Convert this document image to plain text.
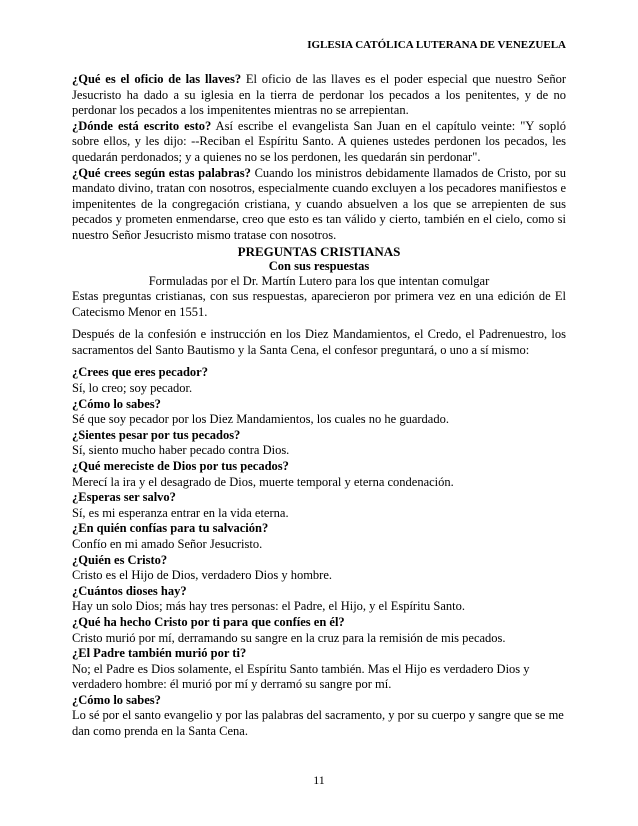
IGLESIA CATÓLICA LUTERANA DE VENEZUELA

¿Qué es el oficio de las llaves? El oficio de las llaves es el poder especial que nuestro Señor Jesucristo ha dado a su iglesia en la tierra de perdonar los pecados a los penitentes, y de no perdonar los pecados a los impenitentes mientras no se arrepientan.

¿Dónde está escrito esto? Así escribe el evangelista San Juan en el capítulo veinte: "Y sopló sobre ellos, y les dijo: --Reciban el Espíritu Santo. A quienes ustedes perdonen los pecados, les quedarán perdonados; y a quienes no se los perdonen, les quedarán sin perdonar".

¿Qué crees según estas palabras? Cuando los ministros debidamente llamados de Cristo, por su mandato divino, tratan con nosotros, especialmente cuando excluyen a los pecadores manifiestos e impenitentes de la congregación cristiana, y cuando absuelven a los que se arrepienten de sus pecados y prometen enmendarse, creo que esto es tan válido y cierto, también en el cielo, como si nuestro Señor Jesucristo mismo tratase con nosotros.

PREGUNTAS CRISTIANAS

Con sus respuestas

Formuladas por el Dr. Martín Lutero para los que intentan comulgar

Estas preguntas cristianas, con sus respuestas, aparecieron por primera vez en una edición de El Catecismo Menor en 1551.

Después de la confesión e instrucción en los Diez Mandamientos, el Credo, el Padrenuestro, los sacramentos del Santo Bautismo y la Santa Cena, el confesor preguntará, o uno a sí mismo:

¿Crees que eres pecador?

Sí, lo creo; soy pecador.

¿Cómo lo sabes?

Sé que soy pecador por los Diez Mandamientos, los cuales no he guardado.

¿Sientes pesar por tus pecados?

Sí, siento mucho haber pecado contra Dios.

¿Qué mereciste de Dios por tus pecados?

Merecí la ira y el desagrado de Dios, muerte temporal y eterna condenación.

¿Esperas ser salvo?

Sí, es mi esperanza entrar en la vida eterna.

¿En quién confías para tu salvación?

Confío en mi amado Señor Jesucristo.

¿Quién es Cristo?

Cristo es el Hijo de Dios, verdadero Dios y hombre.

¿Cuántos dioses hay?

Hay un solo Dios; más hay tres personas: el Padre, el Hijo, y el Espíritu Santo.

¿Qué ha hecho Cristo por ti para que confíes en él?

Cristo murió por mí, derramando su sangre en la cruz para la remisión de mis pecados.

¿El Padre también murió por ti?

No; el Padre es Dios solamente, el Espíritu Santo también. Mas el Hijo es verdadero Dios y verdadero hombre: él murió por mí y derramó su sangre por mí.

¿Cómo lo sabes?

Lo sé por el santo evangelio y por las palabras del sacramento, y por su cuerpo y sangre que se me dan como prenda en la Santa Cena.

11
